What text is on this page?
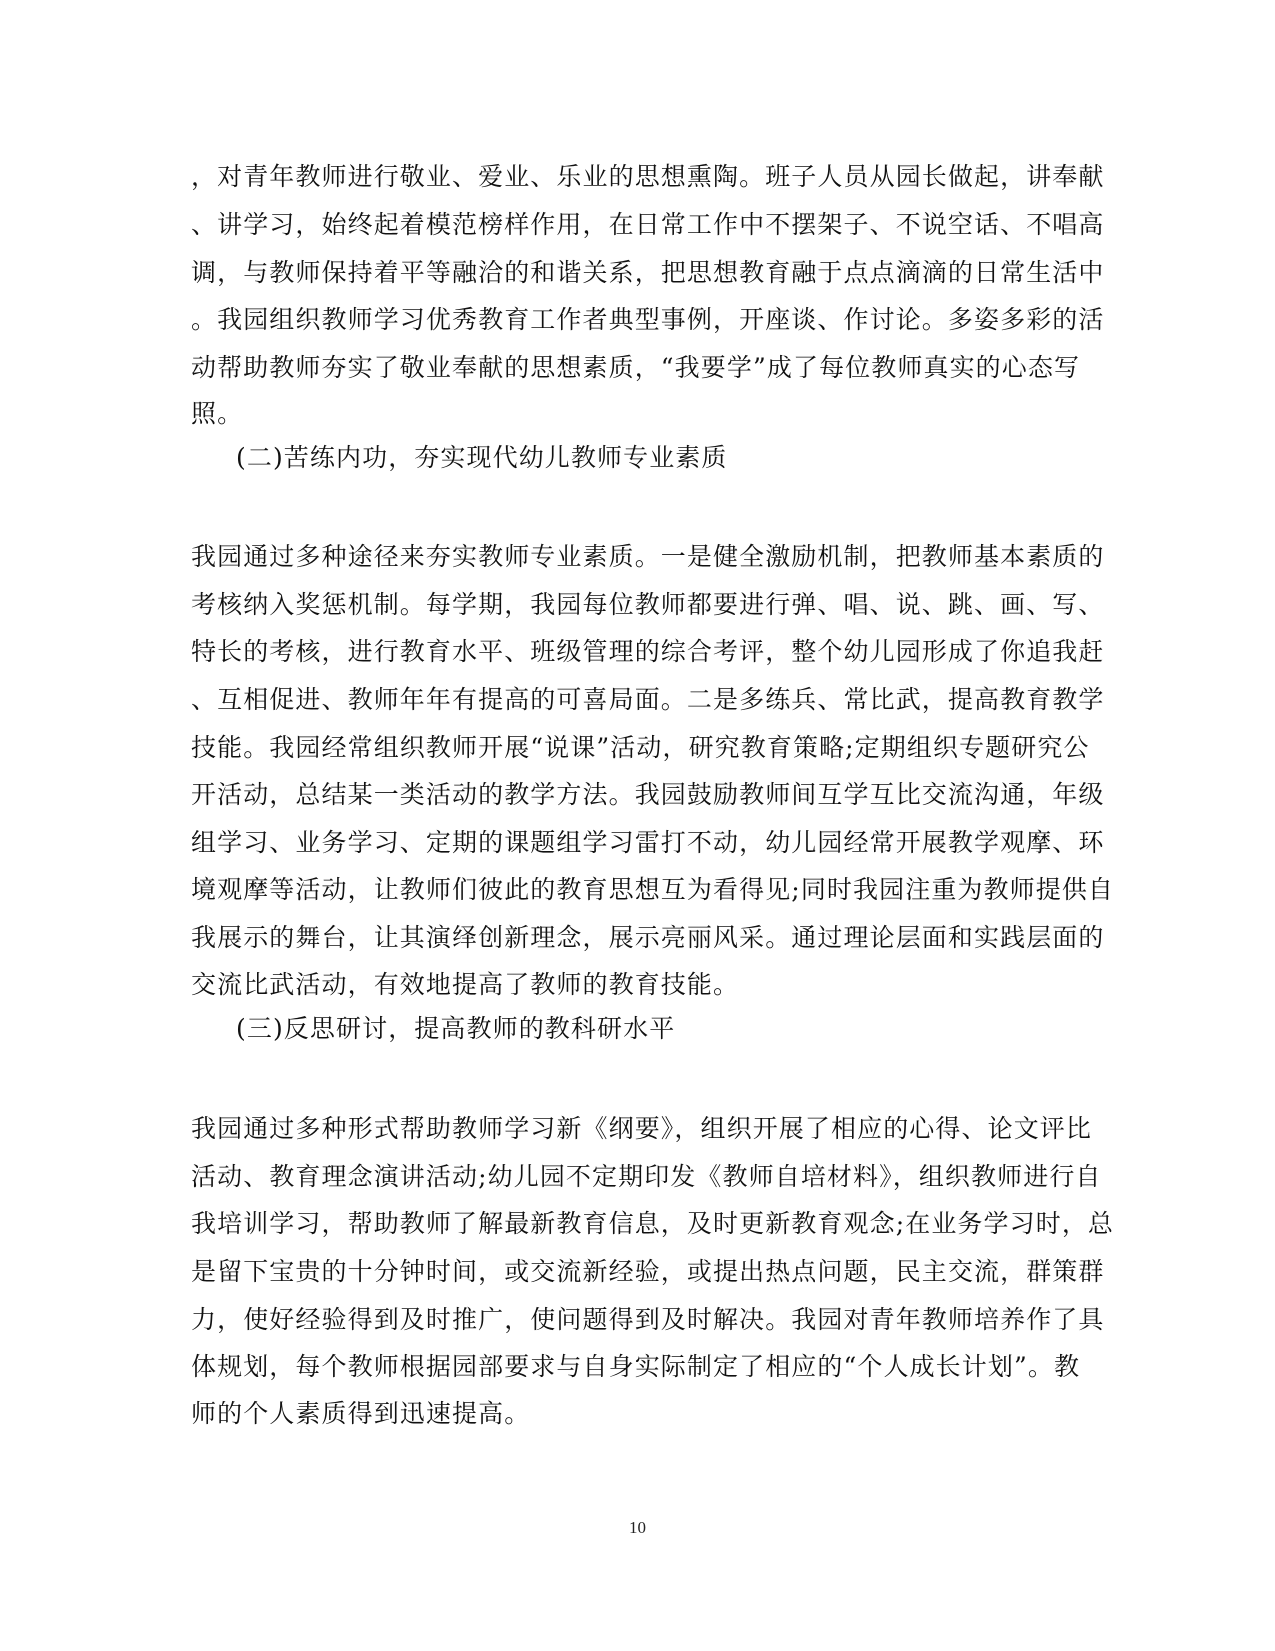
，对青年教师进行敬业、爱业、乐业的思想熏陶。班子人员从园长做起，讲奉献
、讲学习，始终起着模范榜样作用，在日常工作中不摆架子、不说空话、不唱高
调，与教师保持着平等融洽的和谐关系，把思想教育融于点点滴滴的日常生活中
。我园组织教师学习优秀教育工作者典型事例，开座谈、作讨论。多姿多彩的活
动帮助教师夯实了敬业奉献的思想素质，“我要学”成了每位教师真实的心态写
照。
(二)苦练内功，夯实现代幼儿教师专业素质
我园通过多种途径来夯实教师专业素质。一是健全激励机制，把教师基本素质的
考核纳入奖惩机制。每学期，我园每位教师都要进行弹、唱、说、跳、画、写、
特长的考核，进行教育水平、班级管理的综合考评，整个幼儿园形成了你追我赶
、互相促进、教师年年有提高的可喜局面。二是多练兵、常比武，提高教育教学
技能。我园经常组织教师开展“说课”活动，研究教育策略;定期组织专题研究公
开活动，总结某一类活动的教学方法。我园鼓励教师间互学互比交流沟通，年级
组学习、业务学习、定期的课题组学习雷打不动，幼儿园经常开展教学观摩、环
境观摩等活动，让教师们彼此的教育思想互为看得见;同时我园注重为教师提供自
我展示的舞台，让其演绎创新理念，展示亮丽风采。通过理论层面和实践层面的
交流比武活动，有效地提高了教师的教育技能。
(三)反思研讨，提高教师的教科研水平
我园通过多种形式帮助教师学习新《纲要》，组织开展了相应的心得、论文评比
活动、教育理念演讲活动;幼儿园不定期印发《教师自培材料》，组织教师进行自
我培训学习，帮助教师了解最新教育信息，及时更新教育观念;在业务学习时，总
是留下宝贵的十分钟时间，或交流新经验，或提出热点问题，民主交流，群策群
力，使好经验得到及时推广，使问题得到及时解决。我园对青年教师培养作了具
体规划，每个教师根据园部要求与自身实际制定了相应的“个人成长计划”。教
师的个人素质得到迅速提高。
10
